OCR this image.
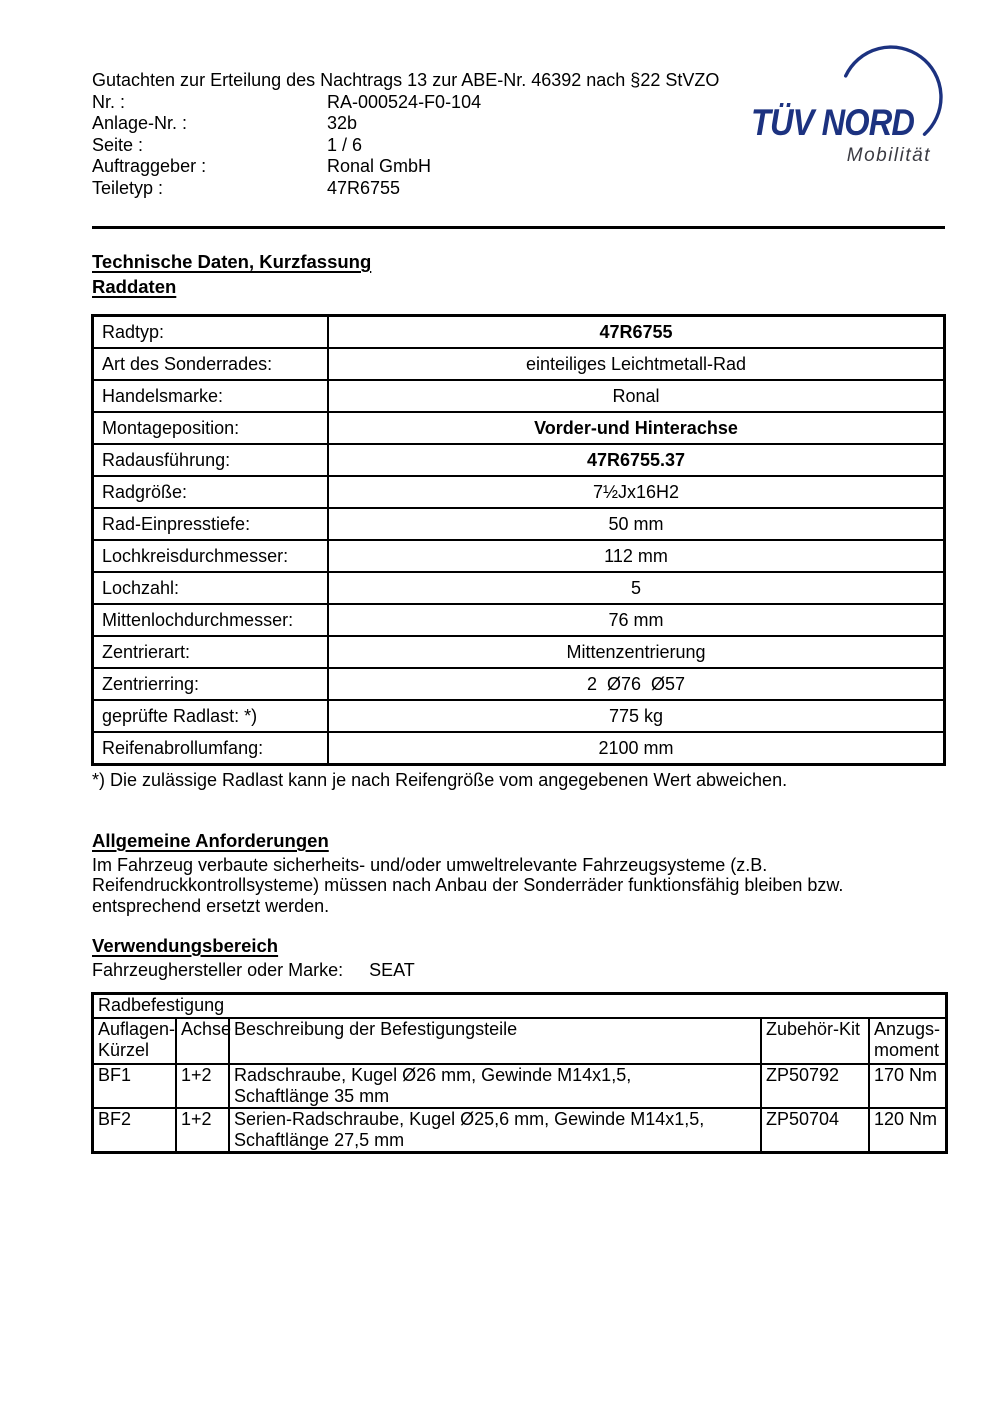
Gutachten zur Erteilung des Nachtrags 13 zur ABE-Nr. 46392 nach §22 StVZO
Nr. :	RA-000524-F0-104
Anlage-Nr. :	32b
Seite :	1 / 6
Auftraggeber :	Ronal GmbH
Teiletyp :	47R6755
TÜV NORD
Mobilität
Technische Daten, Kurzfassung
Raddaten
Radtyp:	47R6755
Art des Sonderrades:	einteiliges Leichtmetall-Rad
Handelsmarke:	Ronal
Montageposition:	Vorder-und Hinterachse
Radausführung:	47R6755.37
Radgröße:	7½Jx16H2
Rad-Einpresstiefe:	50 mm
Lochkreisdurchmesser:	112 mm
Lochzahl:	5
Mittenlochdurchmesser:	76 mm
Zentrierart:	Mittenzentrierung
Zentrierring:	2  Ø76  Ø57
geprüfte Radlast: *)	775 kg
Reifenabrollumfang:	2100 mm
*) Die zulässige Radlast kann je nach Reifengröße vom angegebenen Wert abweichen.
Allgemeine Anforderungen
Im Fahrzeug verbaute sicherheits- und/oder umweltrelevante Fahrzeugsysteme (z.B.
Reifendruckkontrollsysteme) müssen nach Anbau der Sonderräder funktionsfähig bleiben bzw.
entsprechend ersetzt werden.
Verwendungsbereich
Fahrzeughersteller oder Marke: SEAT
Radbefestigung				

Auflagen-
Kürzel
	Achse	Beschreibung der Befestigungsteile	Zubehör-Kit	Anzugs-
moment

BF1	1+2	Radschraube, Kugel Ø26 mm, Gewinde M14x1,5,
Schaftlänge 35 mm	ZP50792	170 Nm
BF2	1+2	Serien-Radschraube, Kugel Ø25,6 mm, Gewinde M14x1,5,
Schaftlänge 27,5 mm	ZP50704	120 Nm
